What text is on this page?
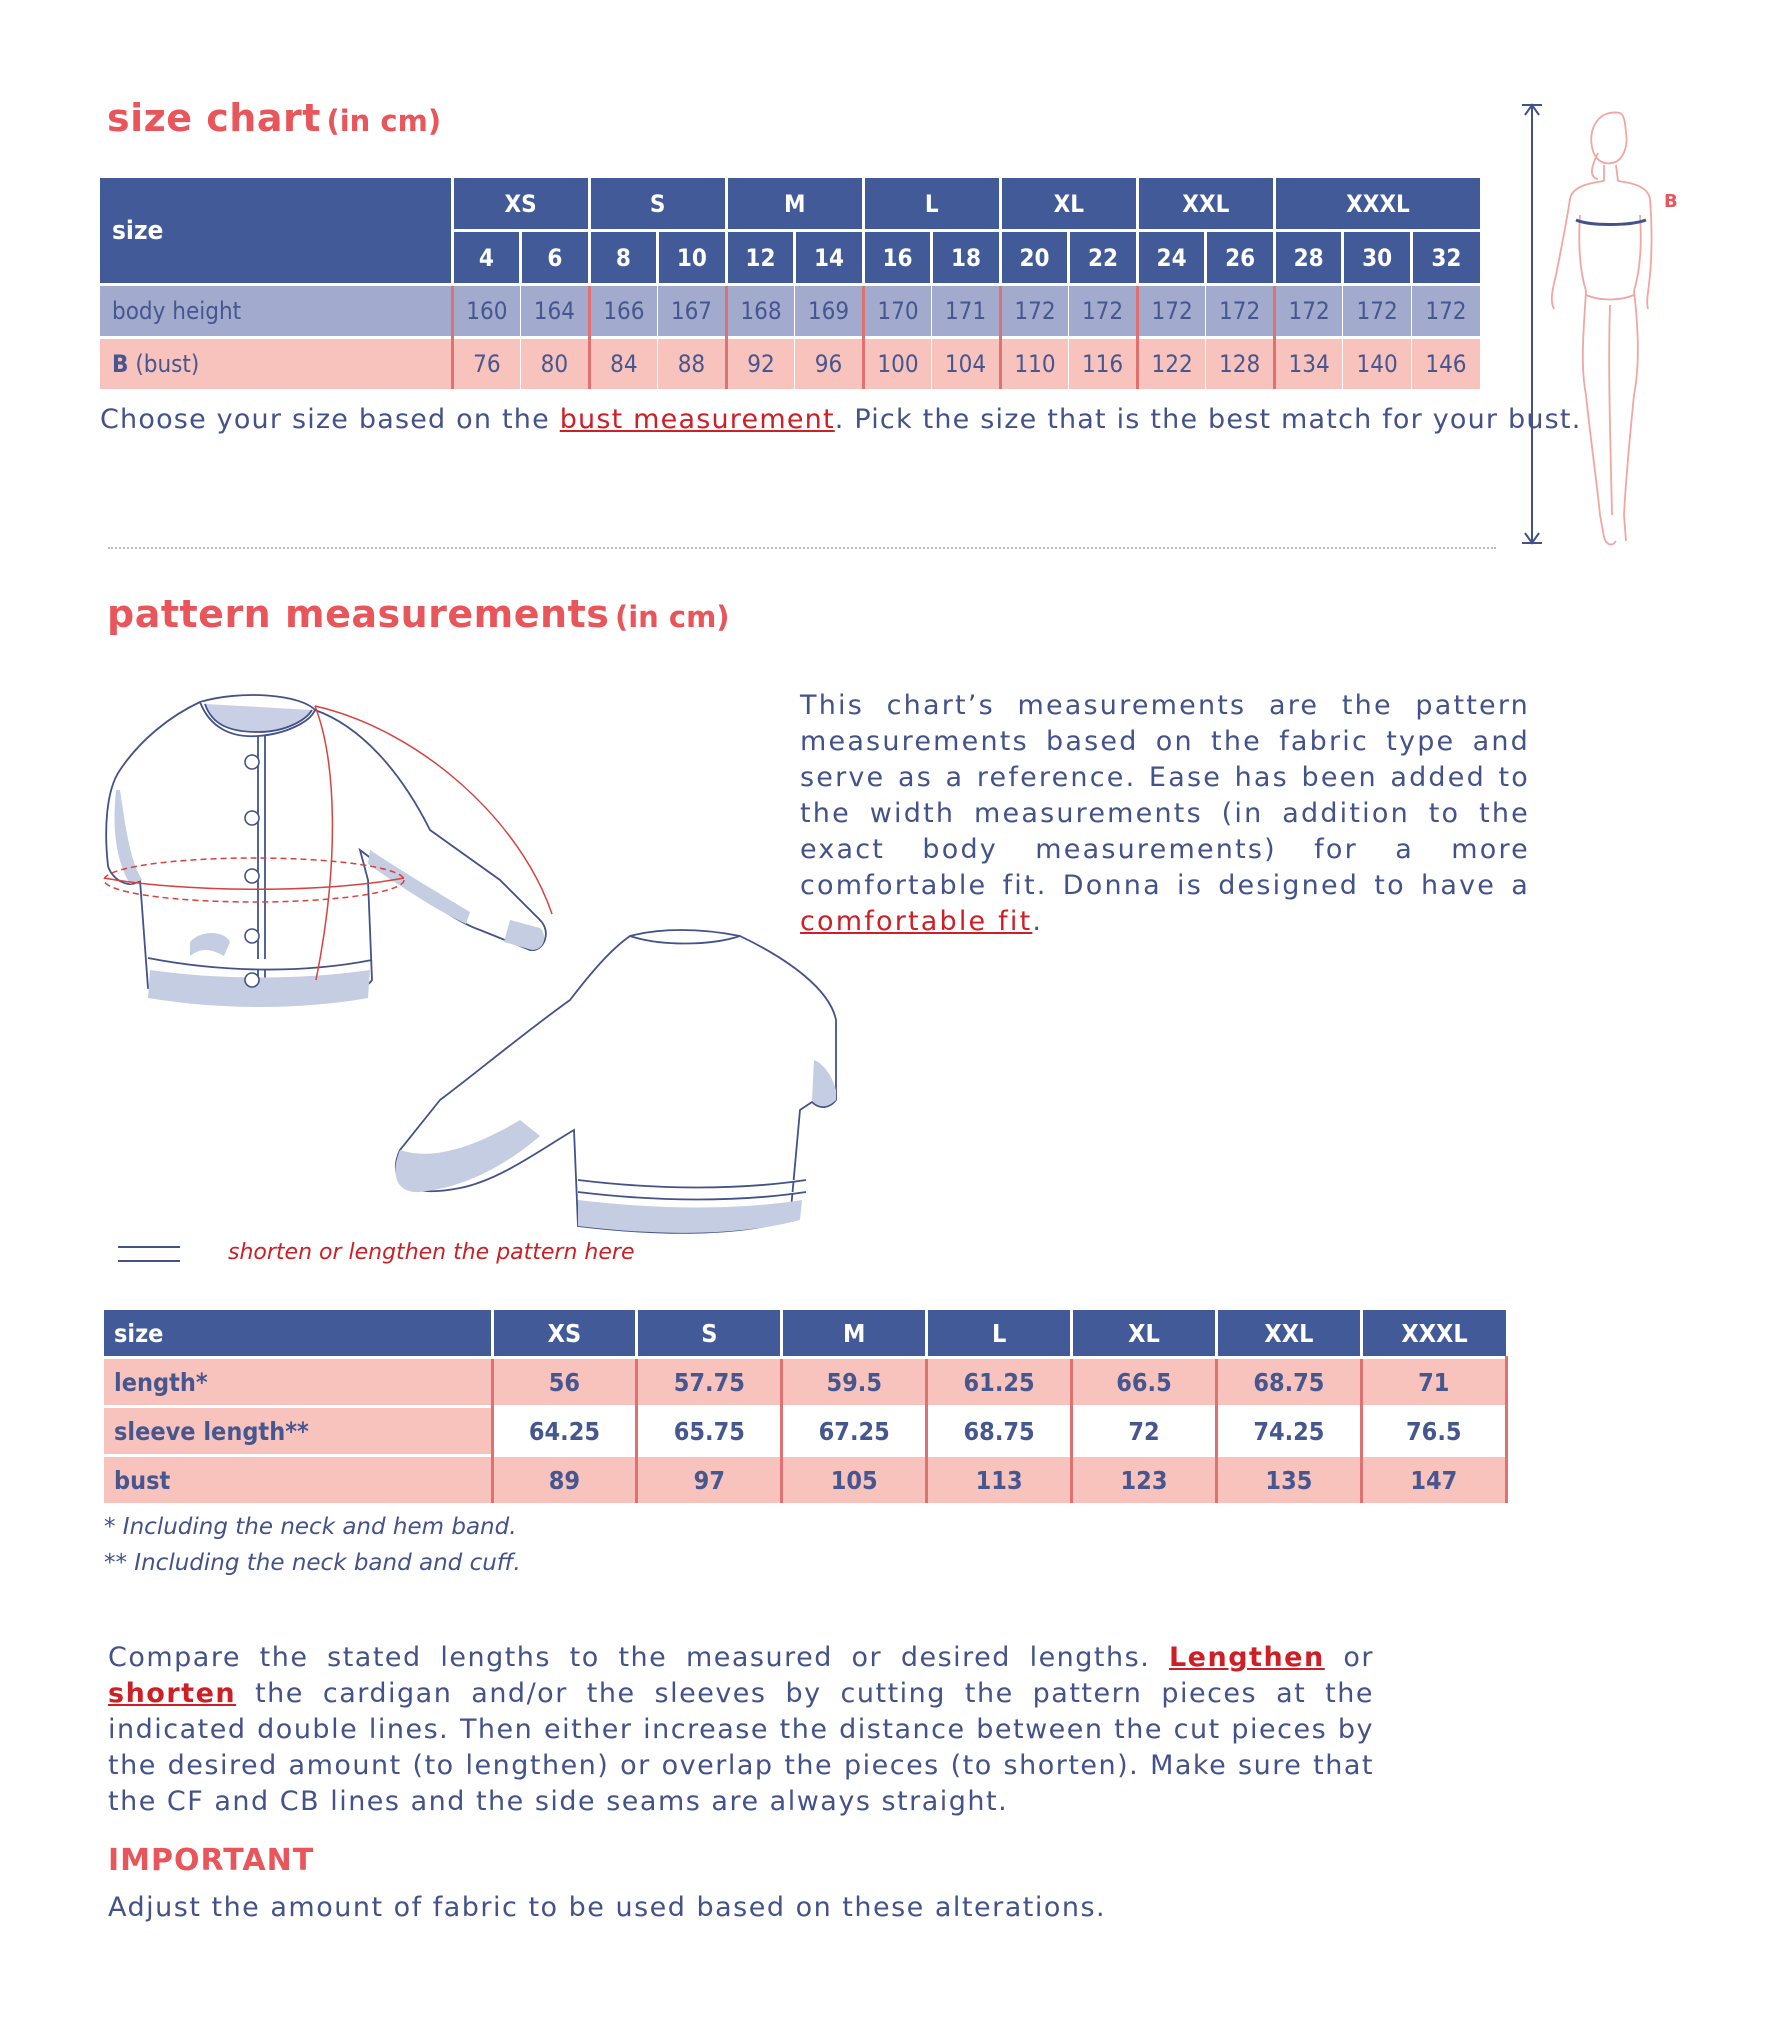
size chart (in cm)
size	XS		S		M		L		XL		XXL		XXXL		
	4	6	8	10	12	14	16	18	20	22	24	26	28	30	32
body height	160	164	166	167	168	169	170	171	172	172	172	172	172	172	172
B (bust)	76	80	84	88	92	96	100	104	110	116	122	128	134	140	146
Choose your size based on the bust measurement. Pick the size that is the best match for your bust.
B
pattern measurements (in cm)
This chart’s measurements are the pattern measurements based on the fabric type and serve as a reference. Ease has been added to the width measurements (in addition to the exact body measurements) for a more comfortable fit. Donna is designed to have a comfortable fit.
shorten or lengthen the pattern here
size	XS	S	M	L	XL	XXL	XXXL
length*	56	57.75	59.5	61.25	66.5	68.75	71
sleeve length**	64.25	65.75	67.25	68.75	72	74.25	76.5
bust	89	97	105	113	123	135	147
* Including the neck and hem band.
** Including the neck band and cuff.
Compare the stated lengths to the measured or desired lengths. Lengthen or shorten the cardigan and/or the sleeves by cutting the pattern pieces at the indicated double lines. Then either increase the distance between the cut pieces by the desired amount (to lengthen) or overlap the pieces (to shorten). Make sure that the CF and CB lines and the side seams are always straight.
IMPORTANT
Adjust the amount of fabric to be used based on these alterations.
